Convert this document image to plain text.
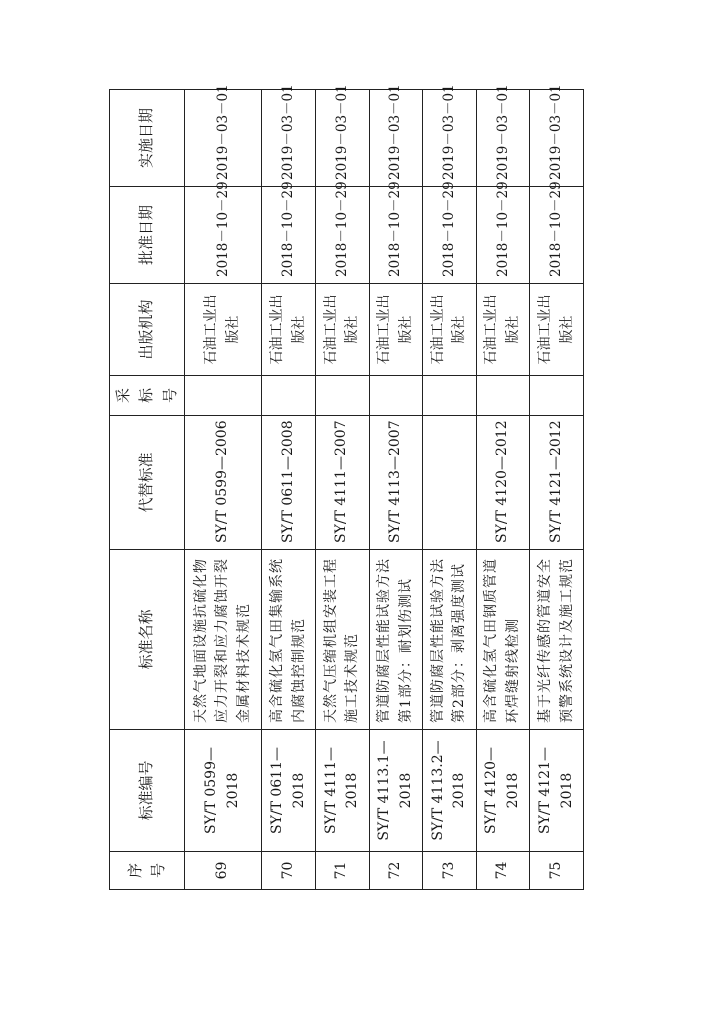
序号	标准编号	标准名称	代替标准	采标号	出版机构	批准日期	实施日期
69	SY/T 0599—2018	天然气地面设施抗硫化物应力开裂和应力腐蚀开裂金属材料技术规范	SY/T 0599—2006		石油工业出版社	2018－10－29	2019－03－01
70	SY/T 0611—2018	高含硫化氢气田集输系统内腐蚀控制规范	SY/T 0611—2008		石油工业出版社	2018－10－29	2019－03－01
71	SY/T 4111—2018	天然气压缩机组安装工程施工技术规范	SY/T 4111—2007		石油工业出版社	2018－10－29	2019－03－01
72	SY/T 4113.1—2018	管道防腐层性能试验方法 第1部分：耐划伤测试	SY/T 4113—2007		石油工业出版社	2018－10－29	2019－03－01
73	SY/T 4113.2—2018	管道防腐层性能试验方法 第2部分：剥离强度测试			石油工业出版社	2018－10－29	2019－03－01
74	SY/T 4120—2018	高含硫化氢气田钢质管道环焊缝射线检测	SY/T 4120—2012		石油工业出版社	2018－10－29	2019－03－01
75	SY/T 4121—2018	基于光纤传感的管道安全预警系统设计及施工规范	SY/T 4121—2012		石油工业出版社	2018－10－29	2019－03－01
